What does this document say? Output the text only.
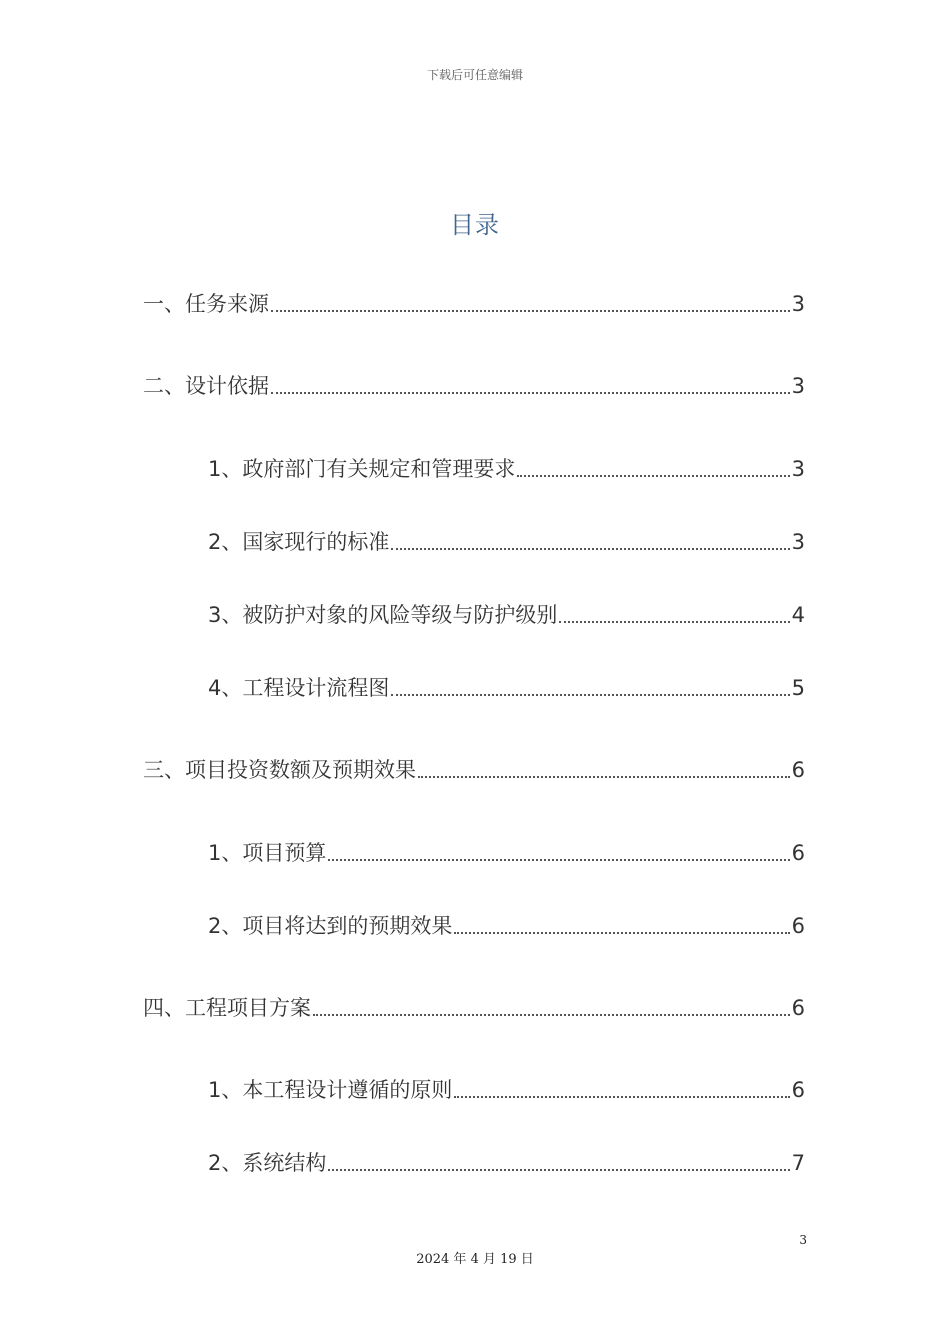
下载后可任意编辑
目录
一、任务来源	3
二、设计依据	3
1、政府部门有关规定和管理要求	3
2、国家现行的标准	3
3、被防护对象的风险等级与防护级别	4
4、工程设计流程图	5
三、项目投资数额及预期效果	6
1、项目预算	6
2、项目将达到的预期效果	6
四、工程项目方案	6
1、本工程设计遵循的原则	6
2、系统结构	7
3
2024 年 4 月 19 日
